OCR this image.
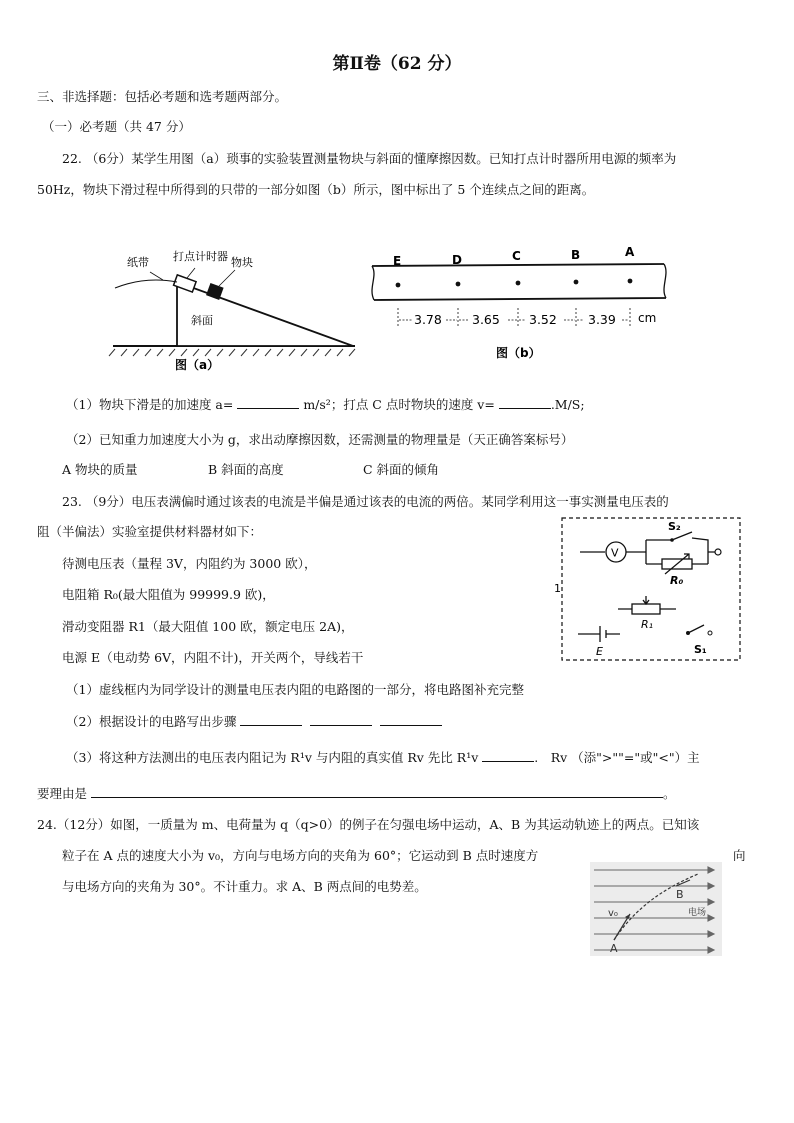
第Ⅱ卷（62 分）
三、非选择题：包括必考题和选考题两部分。
（一）必考题（共 47 分）
22. （6分）某学生用图（a）琐事的实验装置测量物块与斜面的懂摩擦因数。已知打点计时器所用电源的频率为
50Hz，物块下滑过程中所得到的只带的一部分如图（b）所示，图中标出了 5 个连续点之间的距离。
纸带 打点计时器 物块
斜面
图（a）
E	D	C	B	A
3.78 3.65 3.52 3.39 cm
图（b）
（1）物块下滑是的加速度 a=	m/s²；打点 C 点时物块的速度 v=	.M/S;
（2）已知重力加速度大小为 g，求出动摩擦因数，还需测量的物理量是（天正确答案标号）
A 物块的质量	B 斜面的高度	C 斜面的倾角
23. （9分）电压表满偏时通过该表的电流是半偏是通过该表的电流的两倍。某同学利用这一事实测量电压表的
阻（半偏法）实验室提供材料器材如下：
待测电压表（量程 3V，内阻约为 3000 欧），
电阻箱 R₀(最大阻值为 99999.9 欧)，
滑动变阻器 R1（最大阻值 100 欧，额定电压 2A)，
电源 E（电动势 6V，内阻不计)，开关两个，导线若干
V
S₂
R₀
1
R₁
E	S₁
（1）虚线框内为同学设计的测量电压表内阻的电路图的一部分，将电路图补充完整
（2）根据设计的电路写出步骤
（3）将这种方法测出的电压表内阻记为 R¹v 与内阻的真实值 Rv 先比 R¹v	.　Rv （添">""="或"<"）主
要理由是	。
24.（12分）如图，一质量为 m、电荷量为 q（q>0）的例子在匀强电场中运动，A、B 为其运动轨迹上的两点。已知该
粒子在 A 点的速度大小为 v₀，方向与电场方向的夹角为 60°；它运动到 B 点时速度方	向
与电场方向的夹角为 30°。不计重力。求 A、B 两点间的电势差。
v₀
A
B
电场
